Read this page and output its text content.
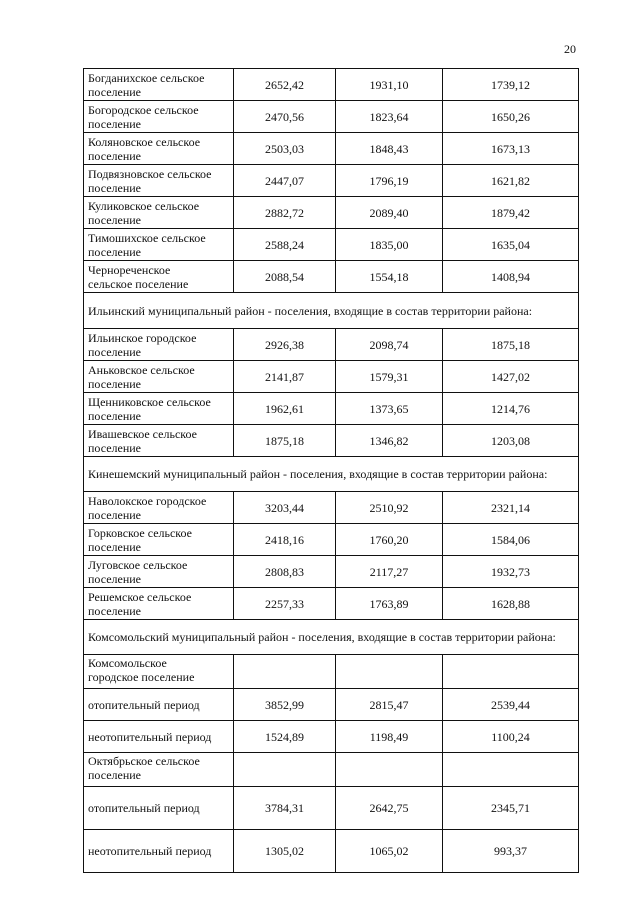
20
Богданихское сельское
поселение	2652,42	1931,10	1739,12
Богородское сельское
поселение	2470,56	1823,64	1650,26
Коляновское сельское
поселение	2503,03	1848,43	1673,13
Подвязновское сельское
поселение	2447,07	1796,19	1621,82
Куликовское сельское
поселение	2882,72	2089,40	1879,42
Тимошихское сельское
поселение	2588,24	1835,00	1635,04
Чернореченское
сельское поселение	2088,54	1554,18	1408,94
Ильинский муниципальный район - поселения, входящие в состав территории района:			
Ильинское городское
поселение	2926,38	2098,74	1875,18
Аньковское сельское
поселение	2141,87	1579,31	1427,02
Щенниковское сельское
поселение	1962,61	1373,65	1214,76
Ивашевское сельское
поселение	1875,18	1346,82	1203,08
Кинешемский муниципальный район - поселения, входящие в состав территории района:			
Наволокское городское
поселение	3203,44	2510,92	2321,14
Горковское сельское
поселение	2418,16	1760,20	1584,06
Луговское сельское
поселение	2808,83	2117,27	1932,73
Решемское сельское
поселение	2257,33	1763,89	1628,88
Комсомольский муниципальный район - поселения, входящие в состав территории района:			
Комсомольское
городское поселение			
отопительный период	3852,99	2815,47	2539,44
неотопительный период	1524,89	1198,49	1100,24
Октябрьское сельское
поселение			
отопительный период	3784,31	2642,75	2345,71
неотопительный период	1305,02	1065,02	993,37
